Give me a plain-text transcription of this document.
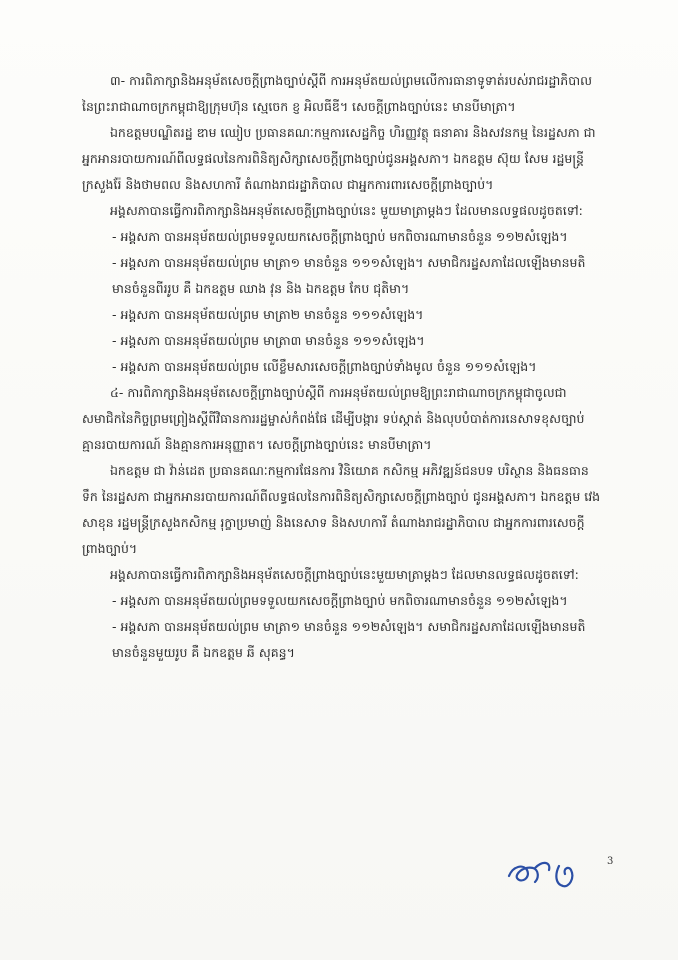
៣- ការពិភាក្សានិងអនុម័តសេចក្តីព្រាងច្បាប់ស្តីពី ការអនុម័តយល់ព្រមលើការធានាទូទាត់របស់រាជរដ្ឋាភិបាលនៃព្រះរាជាណាចក្រកម្ពុជាឱ្យក្រុមហ៊ុន ស្មេចេក ខ្ញ អិលធីឌី។ សេចក្តីព្រាងច្បាប់នេះ មានបីមាត្រា។

ឯកឧត្តមបណ្ឌិតរដ្ឋ ឌាម ឈៀប ប្រធានគណៈកម្មការសេដ្ឋកិច្ច ហិរញ្ញវត្ថុ ធនាគារ និងសវនកម្ម នៃរដ្ឋសភា ជាអ្នកអានរបាយការណ៍ពីលទ្ធផលនៃការពិនិត្យសិក្សាសេចក្តីព្រាងច្បាប់ជូនអង្គសភា។ ឯកឧត្តម ស៊ុយ សែម រដ្ឋមន្ត្រីក្រសួងរ៉ែ និងថាមពល និងសហការី តំណាងរាជរដ្ឋាភិបាល ជាអ្នកការពារសេចក្តីព្រាងច្បាប់។

អង្គសភាបានធ្វើការពិភាក្សានិងអនុម័តសេចក្តីព្រាងច្បាប់នេះ មួយមាត្រាម្តងៗ ដែលមានលទ្ធផលដូចតទៅ:

- អង្គសភា បានអនុម័តយល់ព្រមទទួលយកសេចក្តីព្រាងច្បាប់ មកពិចារណាមានចំនួន ១១២សំឡេង។

- អង្គសភា បានអនុម័តយល់ព្រម មាត្រា១ មានចំនួន ១១១សំឡេង។ សមាជិករដ្ឋសភាដែលឡើងមានមតិ មានចំនួនពីររូប គឺ ឯកឧត្តម ឈាង វុន និង ឯកឧត្តម កែប ជុតិមា។

- អង្គសភា បានអនុម័តយល់ព្រម មាត្រា២ មានចំនួន ១១១សំឡេង។

- អង្គសភា បានអនុម័តយល់ព្រម មាត្រា៣ មានចំនួន ១១១សំឡេង។

- អង្គសភា បានអនុម័តយល់ព្រម លើខ្លឹមសារសេចក្តីព្រាងច្បាប់ទាំងមូល ចំនួន ១១១សំឡេង។

៤- ការពិភាក្សានិងអនុម័តសេចក្តីព្រាងច្បាប់ស្តីពី ការអនុម័តយល់ព្រមឱ្យព្រះរាជាណាចក្រកម្ពុជាចូលជាសមាជិកនៃកិច្ចព្រមព្រៀងស្តីពីវិធានការរដ្ឋម្ចាស់កំពង់ផែ ដើម្បីបង្ការ ទប់ស្កាត់ និងលុបបំបាត់ការនេសាទខុសច្បាប់ គ្មានរបាយការណ៍ និងគ្មានការអនុញ្ញាត។ សេចក្តីព្រាងច្បាប់នេះ មានបីមាត្រា។

ឯកឧត្តម ជា វ៉ាន់ដេត ប្រធានគណៈកម្មការផែនការ វិនិយោគ កសិកម្ម អភិវឌ្ឍន៍ជនបទ បរិស្ថាន និងធនធានទឹក នៃរដ្ឋសភា ជាអ្នកអានរបាយការណ៍ពីលទ្ធផលនៃការពិនិត្យសិក្សាសេចក្តីព្រាងច្បាប់ ជូនអង្គសភា។ ឯកឧត្តម វេង សាខុន រដ្ឋមន្ត្រីក្រសួងកសិកម្ម រុក្ខាប្រមាញ់ និងនេសាទ និងសហការី តំណាងរាជរដ្ឋាភិបាល ជាអ្នកការពារសេចក្តីព្រាងច្បាប់។

អង្គសភាបានធ្វើការពិភាក្សានិងអនុម័តសេចក្តីព្រាងច្បាប់នេះមួយមាត្រាម្តងៗ ដែលមានលទ្ធផលដូចតទៅ:

- អង្គសភា បានអនុម័តយល់ព្រមទទួលយកសេចក្តីព្រាងច្បាប់ មកពិចារណាមានចំនួន ១១២សំឡេង។

- អង្គសភា បានអនុម័តយល់ព្រម មាត្រា១ មានចំនួន ១១២សំឡេង។ សមាជិករដ្ឋសភាដែលឡើងមានមតិ មានចំនួនមួយរូប គឺ ឯកឧត្តម ឆី សុគន្ធ។

3
